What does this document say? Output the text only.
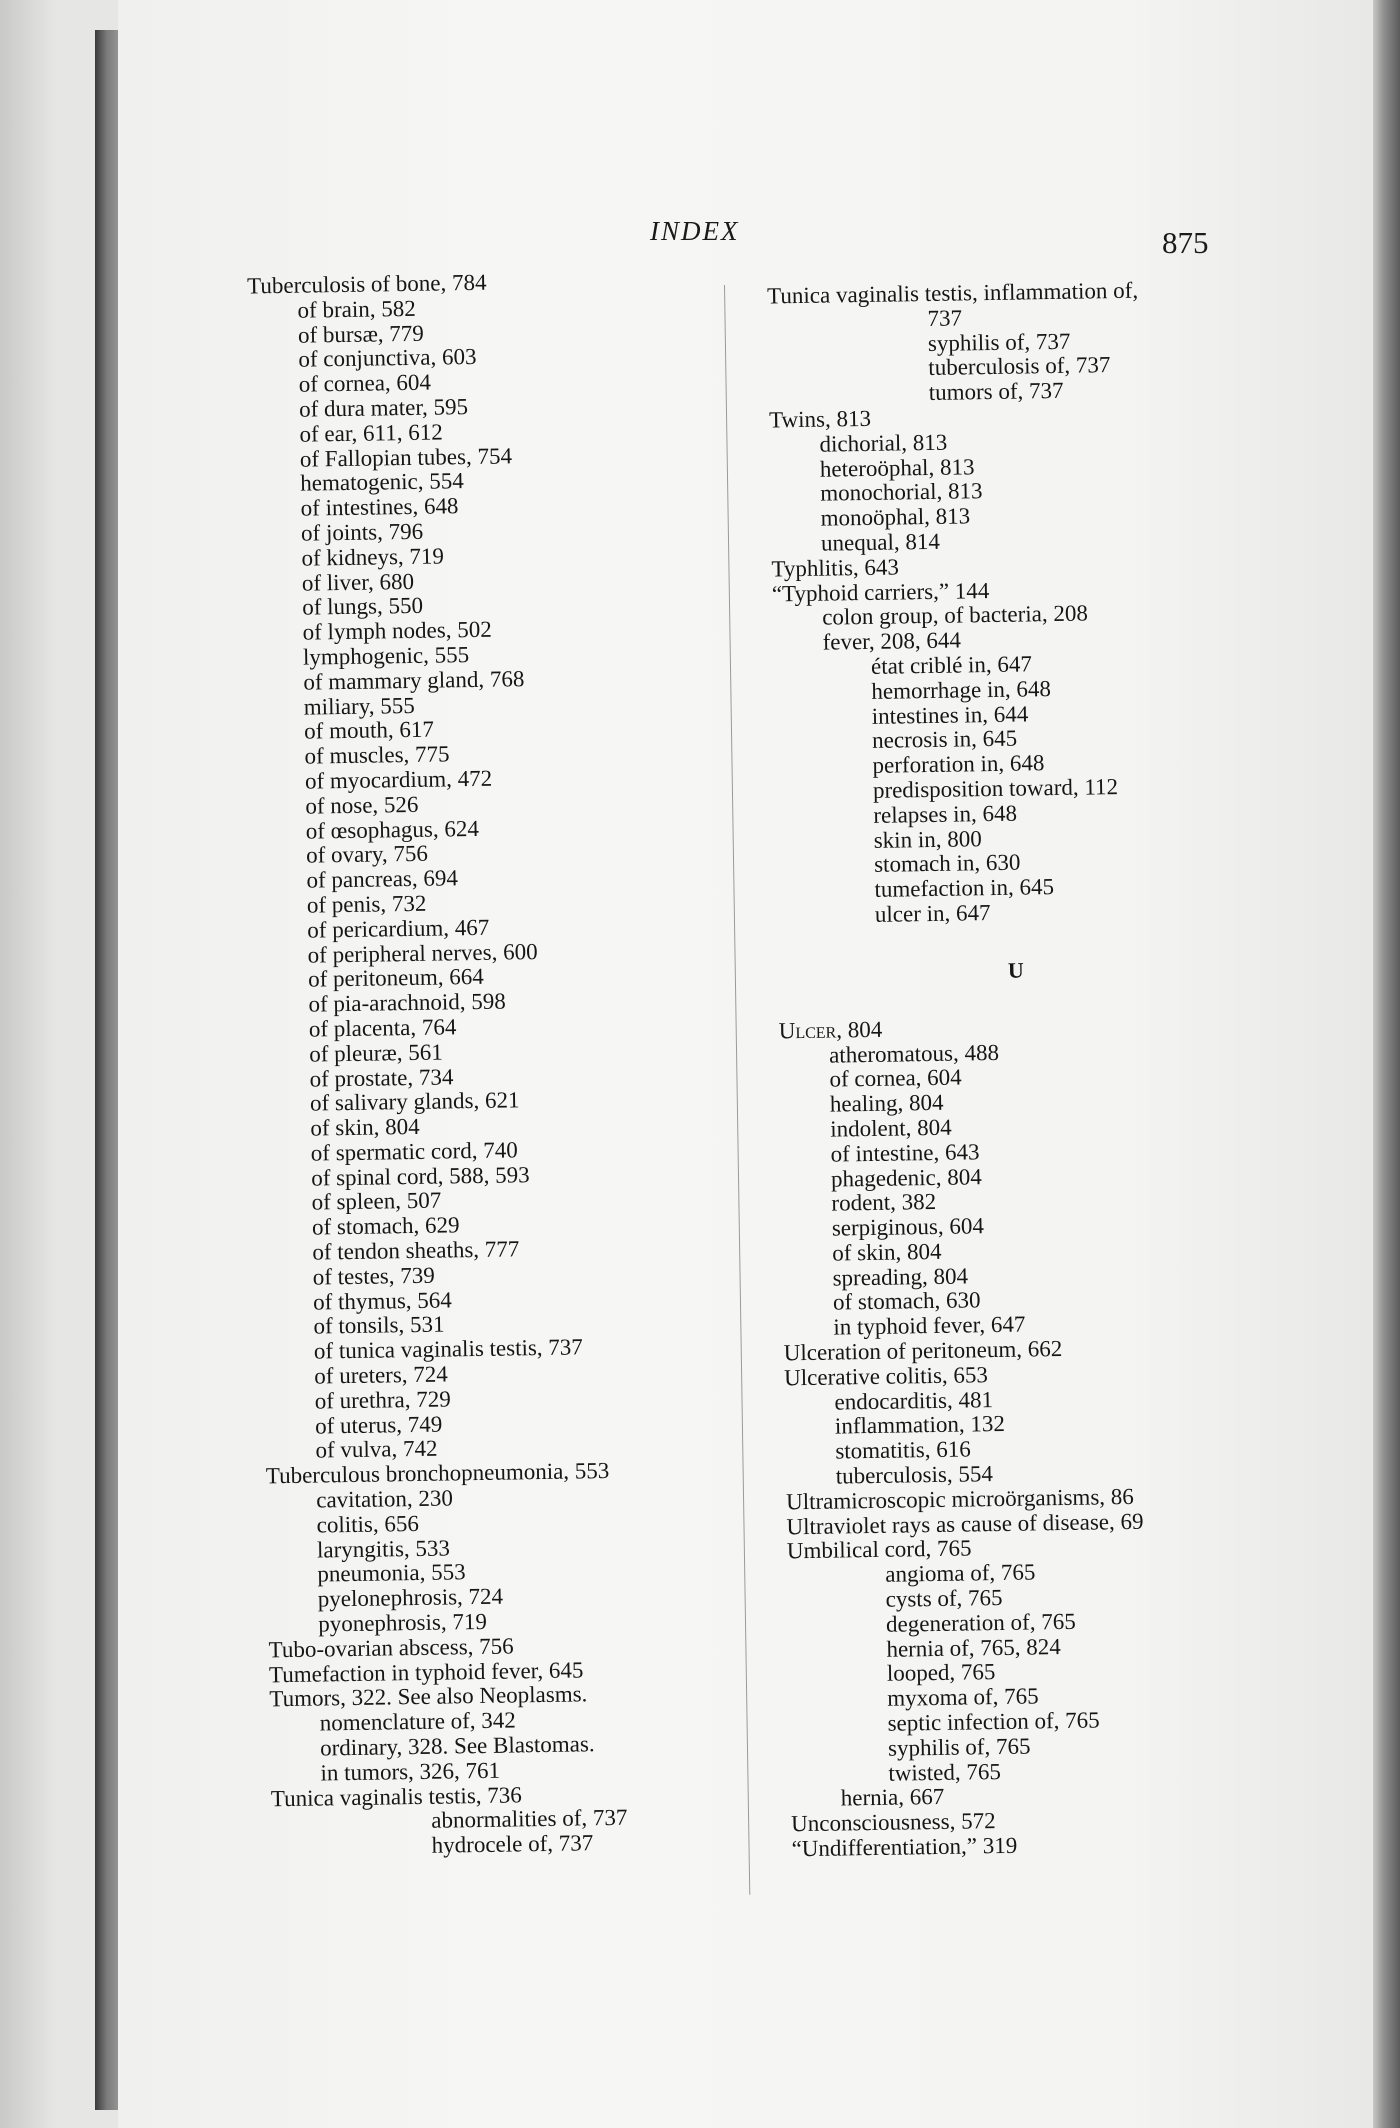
INDEX	875
Tuberculosis of bone, 784
of brain, 582
of bursæ, 779
of conjunctiva, 603
of cornea, 604
of dura mater, 595
of ear, 611, 612
of Fallopian tubes, 754
hematogenic, 554
of intestines, 648
of joints, 796
of kidneys, 719
of liver, 680
of lungs, 550
of lymph nodes, 502
lymphogenic, 555
of mammary gland, 768
miliary, 555
of mouth, 617
of muscles, 775
of myocardium, 472
of nose, 526
of œsophagus, 624
of ovary, 756
of pancreas, 694
of penis, 732
of pericardium, 467
of peripheral nerves, 600
of peritoneum, 664
of pia-arachnoid, 598
of placenta, 764
of pleuræ, 561
of prostate, 734
of salivary glands, 621
of skin, 804
of spermatic cord, 740
of spinal cord, 588, 593
of spleen, 507
of stomach, 629
of tendon sheaths, 777
of testes, 739
of thymus, 564
of tonsils, 531
of tunica vaginalis testis, 737
of ureters, 724
of urethra, 729
of uterus, 749
of vulva, 742
Tuberculous bronchopneumonia, 553
cavitation, 230
colitis, 656
laryngitis, 533
pneumonia, 553
pyelonephrosis, 724
pyonephrosis, 719
Tubo-ovarian abscess, 756
Tumefaction in typhoid fever, 645
Tumors, 322. See also Neoplasms.
nomenclature of, 342
ordinary, 328. See Blastomas.
in tumors, 326, 761
Tunica vaginalis testis, 736
abnormalities of, 737
hydrocele of, 737
Tunica vaginalis testis, inflammation of,
737
syphilis of, 737
tuberculosis of, 737
tumors of, 737
Twins, 813
dichorial, 813
heteroöphal, 813
monochorial, 813
monoöphal, 813
unequal, 814
Typhlitis, 643
“Typhoid carriers,” 144
colon group, of bacteria, 208
fever, 208, 644
état criblé in, 647
hemorrhage in, 648
intestines in, 644
necrosis in, 645
perforation in, 648
predisposition toward, 112
relapses in, 648
skin in, 800
stomach in, 630
tumefaction in, 645
ulcer in, 647
U
Ulcer, 804
atheromatous, 488
of cornea, 604
healing, 804
indolent, 804
of intestine, 643
phagedenic, 804
rodent, 382
serpiginous, 604
of skin, 804
spreading, 804
of stomach, 630
in typhoid fever, 647
Ulceration of peritoneum, 662
Ulcerative colitis, 653
endocarditis, 481
inflammation, 132
stomatitis, 616
tuberculosis, 554
Ultramicroscopic microörganisms, 86
Ultraviolet rays as cause of disease, 69
Umbilical cord, 765
angioma of, 765
cysts of, 765
degeneration of, 765
hernia of, 765, 824
looped, 765
myxoma of, 765
septic infection of, 765
syphilis of, 765
twisted, 765
hernia, 667
Unconsciousness, 572
“Undifferentiation,” 319
